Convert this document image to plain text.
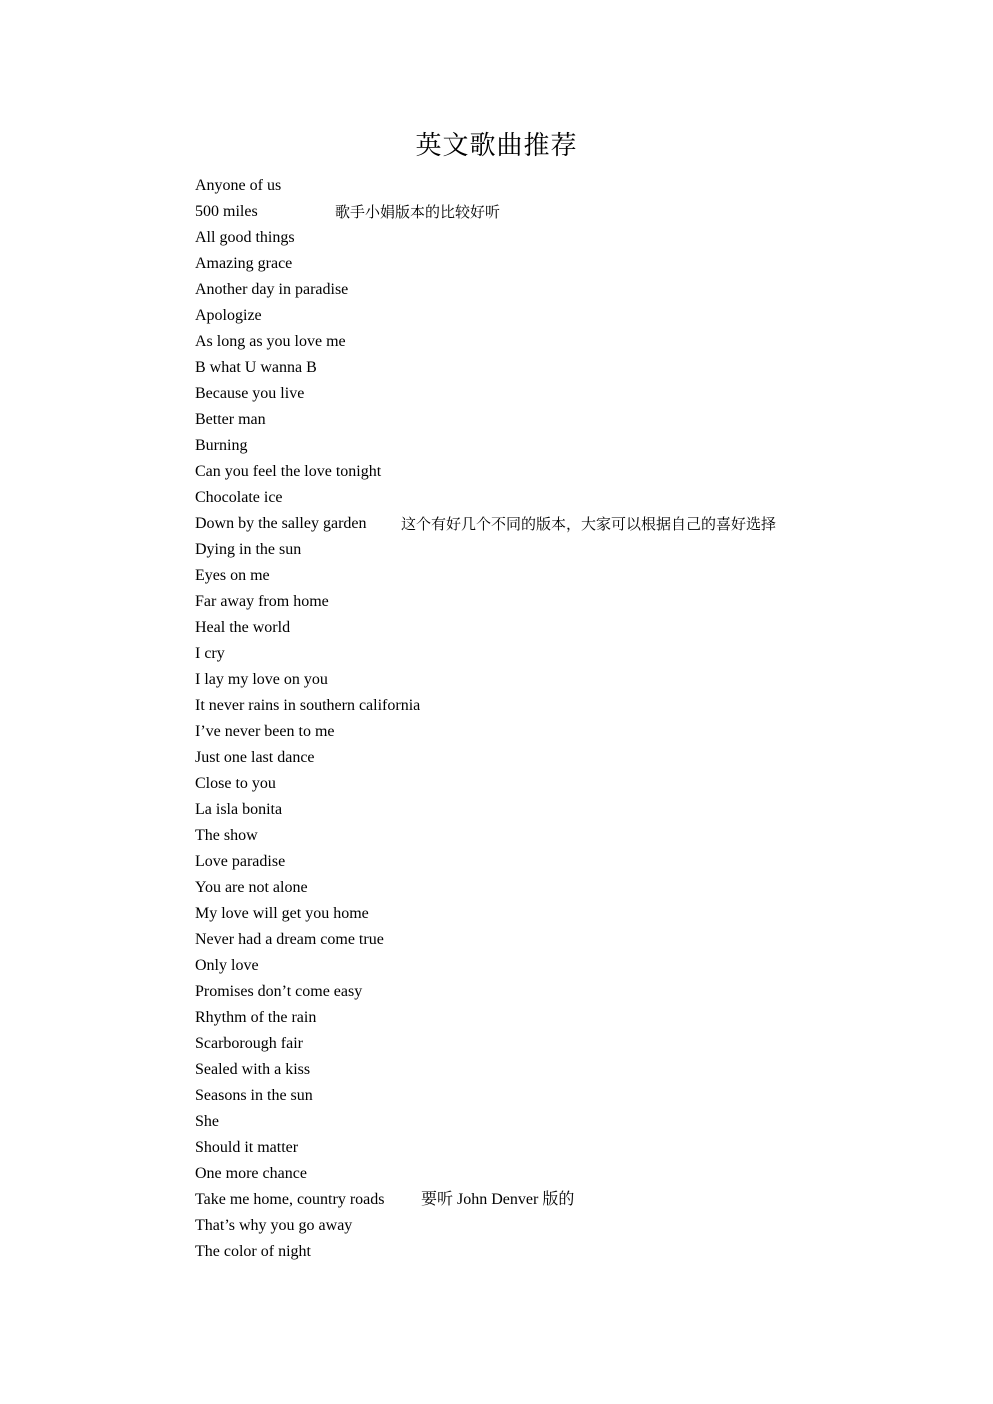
英文歌曲推荐
Anyone of us
500 miles	歌手小娟版本的比较好听
All good things
Amazing grace
Another day in paradise
Apologize
As long as you love me
B what U wanna B
Because you live
Better man
Burning
Can you feel the love tonight
Chocolate ice
Down by the salley garden 这个有好几个不同的版本，大家可以根据自己的喜好选择
Dying in the sun
Eyes on me
Far away from home
Heal the world
I cry
I lay my love on you
It never rains in southern california
I’ve never been to me
Just one last dance
Close to you
La isla bonita
The show
Love paradise
You are not alone
My love will get you home
Never had a dream come true
Only love
Promises don’t come easy
Rhythm of the rain
Scarborough fair
Sealed with a kiss
Seasons in the sun
She
Should it matter
One more chance
Take me home, country roads 要听 John Denver 版的
That’s why you go away
The color of night
